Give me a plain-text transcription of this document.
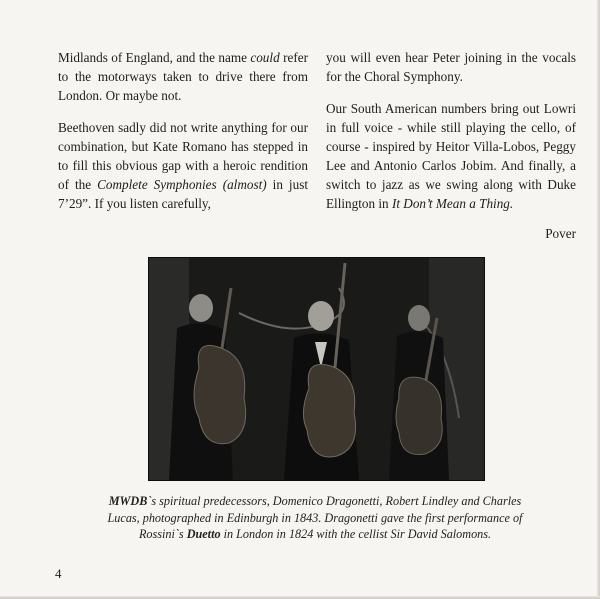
Midlands of England, and the name could refer to the motorways taken to drive there from London. Or maybe not.

Beethoven sadly did not write anything for our combination, but Kate Romano has stepped in to fill this obvious gap with a heroic rendition of the Complete Symphonies (almost) in just 7’29”. If you listen carefully,

you will even hear Peter joining in the vocals for the Choral Symphony.

Our South American numbers bring out Lowri in full voice - while still playing the cello, of course - inspired by Heitor Villa-Lobos, Peggy Lee and Antonio Carlos Jobim. And finally, a switch to jazz as we swing along with Duke Ellington in It Don’t Mean a Thing.

Pover
MWDB`s spiritual predecessors, Domenico Dragonetti, Robert Lindley and Charles Lucas, photographed in Edinburgh in 1843. Dragonetti gave the first performance of Rossini`s Duetto in London in 1824 with the cellist Sir David Salomons.
4
